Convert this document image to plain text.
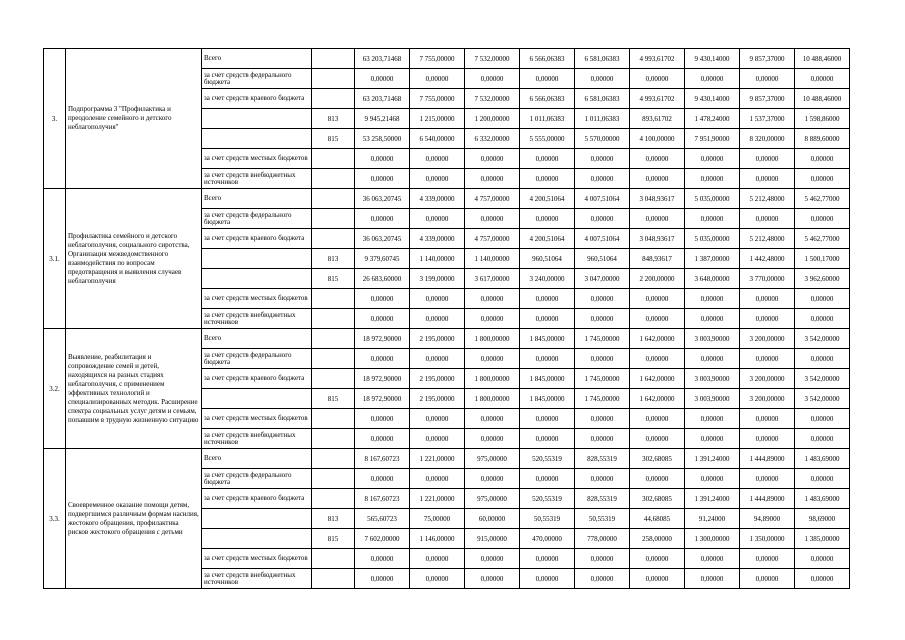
3.	Подпрограмма 3 "Профилактика и преодоление семейного и детского неблагополучия"	Всего		63 203,71468	7 755,00000	7 532,00000	6 566,06383	6 581,06383	4 993,61702	9 430,14000	9 857,37000	10 488,46000
		за счет средств федерального бюджета		0,00000	0,00000	0,00000	0,00000	0,00000	0,00000	0,00000	0,00000	0,00000
		за счет средств краевого бюджета		63 203,71468	7 755,00000	7 532,00000	6 566,06383	6 581,06383	4 993,61702	9 430,14000	9 857,37000	10 488,46000
			813	9 945,21468	1 215,00000	1 200,00000	1 011,06383	1 011,06383	893,61702	1 478,24000	1 537,37000	1 598,86000
			815	53 258,50000	6 540,00000	6 332,00000	5 555,00000	5 570,00000	4 100,00000	7 951,90000	8 320,00000	8 889,60000
		за счет средств местных бюджетов		0,00000	0,00000	0,00000	0,00000	0,00000	0,00000	0,00000	0,00000	0,00000
		за счет средств внебюджетных источников		0,00000	0,00000	0,00000	0,00000	0,00000	0,00000	0,00000	0,00000	0,00000
3.1.	Профилактика семейного и детского неблагополучия, социального сиротства, Организация межведомственного взаимодействия по вопросам предотвращения и выявления случаев неблагополучия	Всего		36 063,20745	4 339,00000	4 757,00000	4 200,51064	4 007,51064	3 048,93617	5 035,00000	5 212,48000	5 462,77000
		за счет средств федерального бюджета		0,00000	0,00000	0,00000	0,00000	0,00000	0,00000	0,00000	0,00000	0,00000
		за счет средств краевого бюджета		36 063,20745	4 339,00000	4 757,00000	4 200,51064	4 007,51064	3 048,93617	5 035,00000	5 212,48000	5 462,77000
			813	9 379,60745	1 140,00000	1 140,00000	960,51064	960,51064	848,93617	1 387,00000	1 442,48000	1 500,17000
			815	26 683,60000	3 199,00000	3 617,00000	3 240,00000	3 047,00000	2 200,00000	3 648,00000	3 770,00000	3 962,60000
		за счет средств местных бюджетов		0,00000	0,00000	0,00000	0,00000	0,00000	0,00000	0,00000	0,00000	0,00000
		за счет средств внебюджетных источников		0,00000	0,00000	0,00000	0,00000	0,00000	0,00000	0,00000	0,00000	0,00000
3.2.	Выявление, реабилитация и сопровождение семей и детей, находящихся на разных стадиях неблагополучия, с применением эффективных технологий и специализированных методик. Расширение спектра социальных услуг детям и семьям, попавшим в трудную жизненную ситуацию	Всего		18 972,90000	2 195,00000	1 800,00000	1 845,00000	1 745,00000	1 642,00000	3 003,90000	3 200,00000	3 542,00000
		за счет средств федерального бюджета		0,00000	0,00000	0,00000	0,00000	0,00000	0,00000	0,00000	0,00000	0,00000
		за счет средств краевого бюджета		18 972,90000	2 195,00000	1 800,00000	1 845,00000	1 745,00000	1 642,00000	3 003,90000	3 200,00000	3 542,00000
			815	18 972,90000	2 195,00000	1 800,00000	1 845,00000	1 745,00000	1 642,00000	3 003,90000	3 200,00000	3 542,00000
		за счет средств местных бюджетов		0,00000	0,00000	0,00000	0,00000	0,00000	0,00000	0,00000	0,00000	0,00000
		за счет средств внебюджетных источников		0,00000	0,00000	0,00000	0,00000	0,00000	0,00000	0,00000	0,00000	0,00000
3.3.	Своевременное оказание помощи детям, подвергшимся различным формам насилия, жестокого обращения, профилактика рисков жестокого обращения с детьми	Всего		8 167,60723	1 221,00000	975,00000	520,55319	828,55319	302,68085	1 391,24000	1 444,89000	1 483,69000
		за счет средств федерального бюджета		0,00000	0,00000	0,00000	0,00000	0,00000	0,00000	0,00000	0,00000	0,00000
		за счет средств краевого бюджета		8 167,60723	1 221,00000	975,00000	520,55319	828,55319	302,68085	1 391,24000	1 444,89000	1 483,69000
			813	565,60723	75,00000	60,00000	50,55319	50,55319	44,68085	91,24000	94,89000	98,69000
			815	7 602,00000	1 146,00000	915,00000	470,00000	778,00000	258,00000	1 300,00000	1 350,00000	1 385,00000
		за счет средств местных бюджетов		0,00000	0,00000	0,00000	0,00000	0,00000	0,00000	0,00000	0,00000	0,00000
		за счет средств внебюджетных источников		0,00000	0,00000	0,00000	0,00000	0,00000	0,00000	0,00000	0,00000	0,00000
